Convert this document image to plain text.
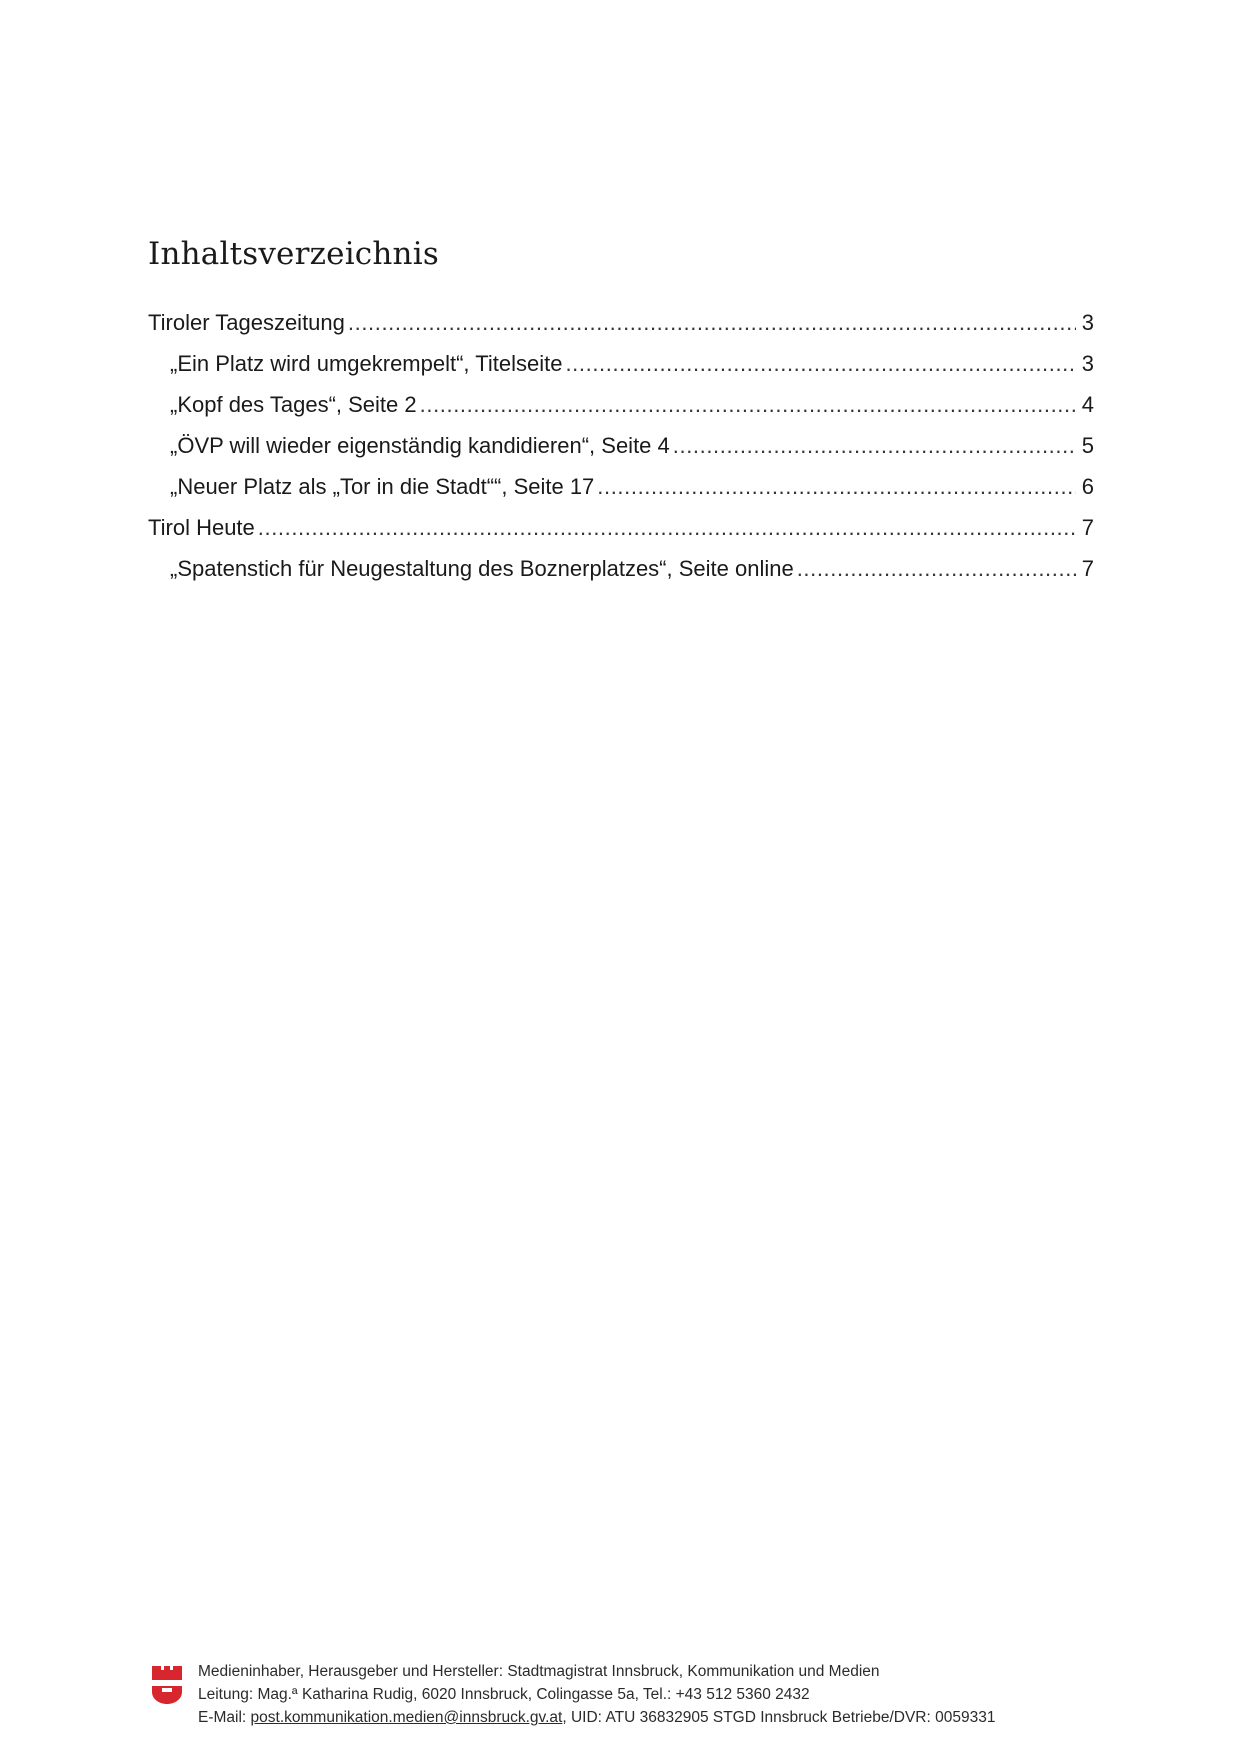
Inhaltsverzeichnis
Tiroler Tageszeitung .....	3
„Ein Platz wird umgekrempelt“, Titelseite .....	3
„Kopf des Tages“, Seite 2 .....	4
„ÖVP will wieder eigenständig kandidieren“, Seite 4 .....	5
„Neuer Platz als „Tor in die Stadt““, Seite 17 .....	6
Tirol Heute .....	7
„Spatenstich für Neugestaltung des Boznerplatzes“, Seite online .....	7
Medieninhaber, Herausgeber und Hersteller: Stadtmagistrat Innsbruck, Kommunikation und Medien
Leitung: Mag.ª Katharina Rudig, 6020 Innsbruck, Colingasse 5a, Tel.: +43 512 5360 2432
E-Mail: post.kommunikation.medien@innsbruck.gv.at, UID: ATU 36832905 STGD Innsbruck Betriebe/DVR: 0059331
